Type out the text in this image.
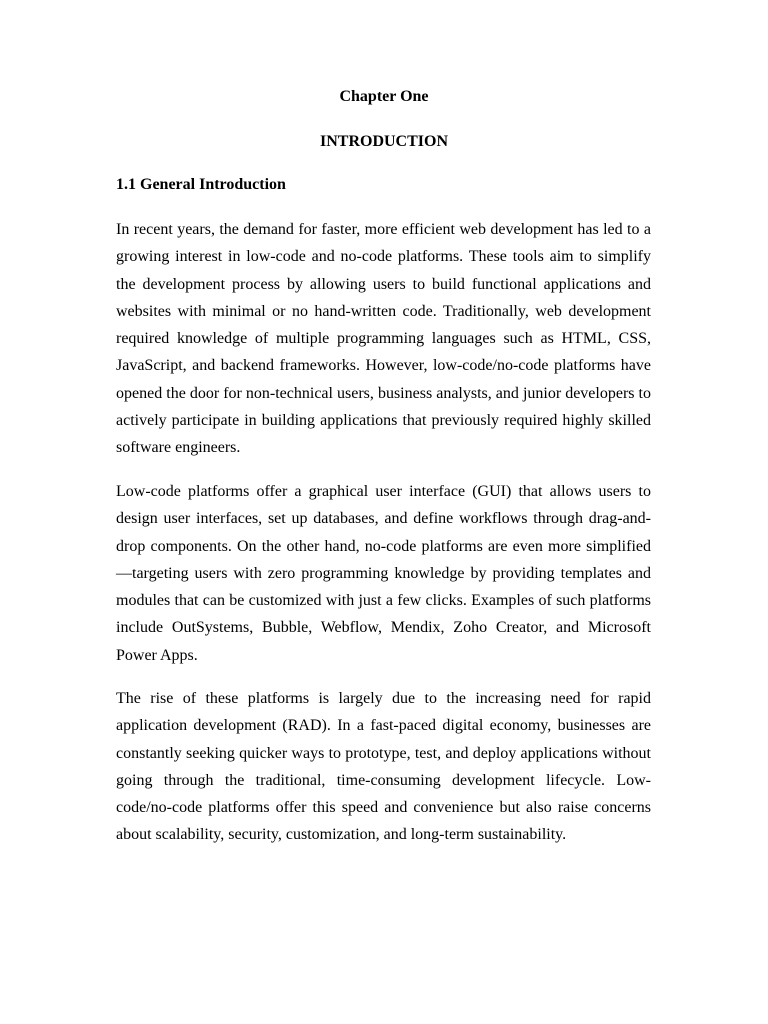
Chapter One
INTRODUCTION
1.1 General Introduction

In recent years, the demand for faster, more efficient web development has led to a growing interest in low-code and no-code platforms. These tools aim to simplify the development process by allowing users to build functional applications and websites with minimal or no hand-written code. Traditionally, web development required knowledge of multiple programming languages such as HTML, CSS, JavaScript, and backend frameworks. However, low-code/no-code platforms have opened the door for non-technical users, business analysts, and junior developers to actively participate in building applications that previously required highly skilled software engineers.

Low-code platforms offer a graphical user interface (GUI) that allows users to design user interfaces, set up databases, and define workflows through drag-and-drop components. On the other hand, no-code platforms are even more simplified—targeting users with zero programming knowledge by providing templates and modules that can be customized with just a few clicks. Examples of such platforms include OutSystems, Bubble, Webflow, Mendix, Zoho Creator, and Microsoft Power Apps.

The rise of these platforms is largely due to the increasing need for rapid application development (RAD). In a fast-paced digital economy, businesses are constantly seeking quicker ways to prototype, test, and deploy applications without going through the traditional, time-consuming development lifecycle. Low-code/no-code platforms offer this speed and convenience but also raise concerns about scalability, security, customization, and long-term sustainability.
